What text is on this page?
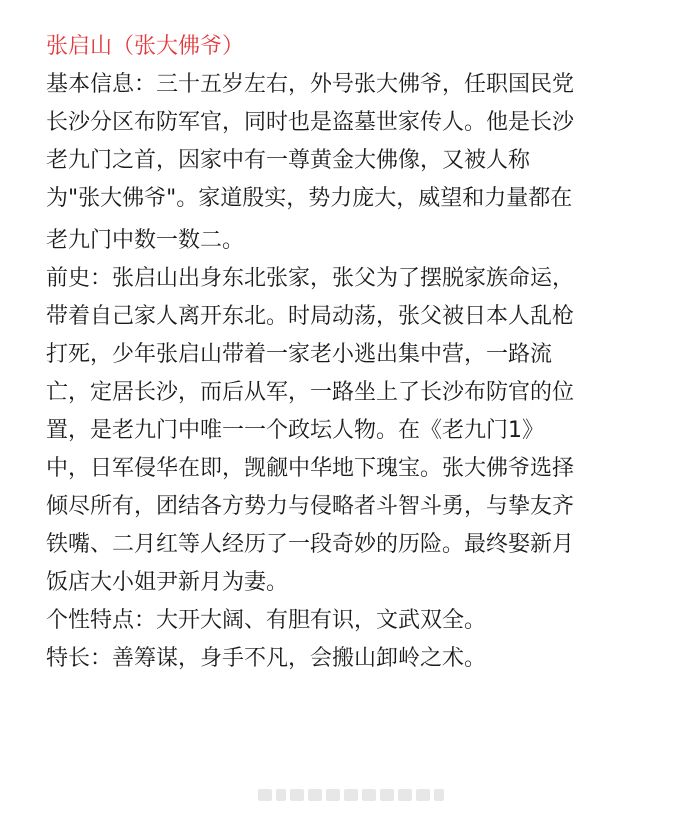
张启山（张大佛爷）

基本信息：三十五岁左右，外号张大佛爷，任职国民党

长沙分区布防军官，同时也是盗墓世家传人。他是长沙

老九门之首，因家中有一尊黄金大佛像，又被人称

为"张大佛爷"。家道殷实，势力庞大，威望和力量都在

老九门中数一数二。

前史：张启山出身东北张家，张父为了摆脱家族命运，

带着自己家人离开东北。时局动荡，张父被日本人乱枪

打死，少年张启山带着一家老小逃出集中营，一路流

亡，定居长沙，而后从军，一路坐上了长沙布防官的位

置，是老九门中唯一一个政坛人物。在《老九门1》

中，日军侵华在即，觊觎中华地下瑰宝。张大佛爷选择

倾尽所有，团结各方势力与侵略者斗智斗勇，与挚友齐

铁嘴、二月红等人经历了一段奇妙的历险。最终娶新月

饭店大小姐尹新月为妻。

个性特点：大开大阔、有胆有识，文武双全。

特长：善筹谋，身手不凡，会搬山卸岭之术。
